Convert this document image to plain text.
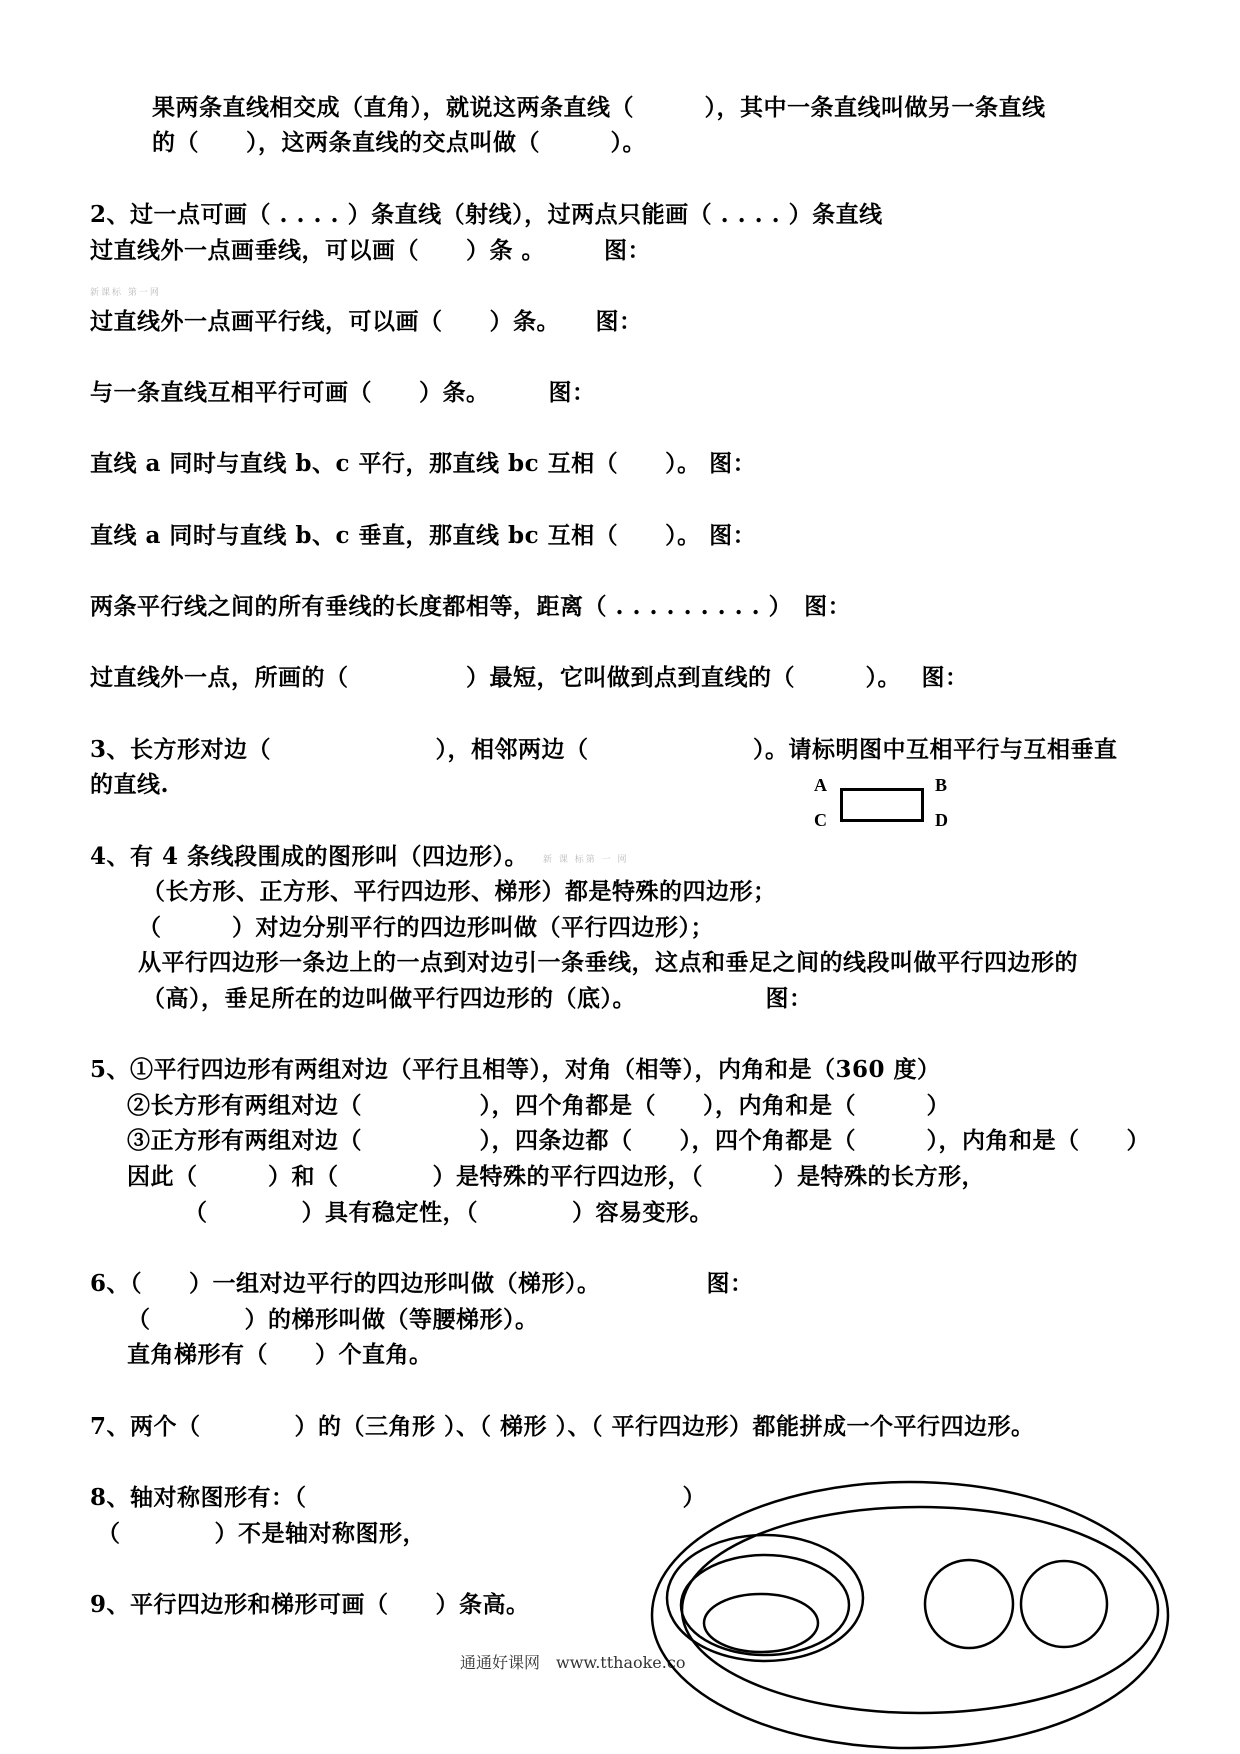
果两条直线相交成（直角），就说这两条直线（　　　），其中一条直线叫做另一条直线
的（　　），这两条直线的交点叫做（　　　）。
2、过一点可画（ . . . . ）条直线（射线），过两点只能画（ . . . . ）条直线
过直线外一点画垂线，可以画（　　）条 。　　　图：
新课标 第一网
过直线外一点画平行线，可以画（　　）条。　　图：
与一条直线互相平行可画（　　）条。　　　图：
直线 a 同时与直线 b、c 平行，那直线 bc 互相（　　）。 图：
直线 a 同时与直线 b、c 垂直，那直线 bc 互相（　　）。 图：
两条平行线之间的所有垂线的长度都相等，距离（ . . . . . . . . . ）　图：
过直线外一点，所画的（　　　　　）最短，它叫做到点到直线的（　　　）。　 图：
3、长方形对边（　　　　　　　），相邻两边（　　　　　　　）。请标明图中互相平行与互相垂直
的直线.	A	B
C	D
4、有 4 条线段围成的图形叫（四边形）。 新 课 标第 一 网
（长方形、正方形、平行四边形、梯形）都是特殊的四边形；
（　　　）对边分别平行的四边形叫做（平行四边形）；
从平行四边形一条边上的一点到对边引一条垂线，这点和垂足之间的线段叫做平行四边形的
（高），垂足所在的边叫做平行四边形的（底）。　　　　　　图：
5、①平行四边形有两组对边（平行且相等），对角（相等），内角和是（360 度）
②长方形有两组对边（　　　　　），四个角都是（　　），内角和是（　　　）
③正方形有两组对边（　　　　　），四条边都（　　），四个角都是（　　　），内角和是（　　）
因此（　　　）和（　　　　）是特殊的平行四边形，（　　　）是特殊的长方形，
（　　　　）具有稳定性，（　　　　）容易变形。
6、（　　）一组对边平行的四边形叫做（梯形）。　　　　　图：
（　　　　）的梯形叫做（等腰梯形）。
直角梯形有（　　）个直角。
7、两个（　　　　）的（三角形 ）、（ 梯形 ）、（ 平行四边形）都能拼成一个平行四边形。
8、轴对称图形有：（　　　　　　　　　　　　　　　　）
（　　　　）不是轴对称图形，
9、平行四边形和梯形可画（　　）条高。
通通好课网　www.tthaoke.co
